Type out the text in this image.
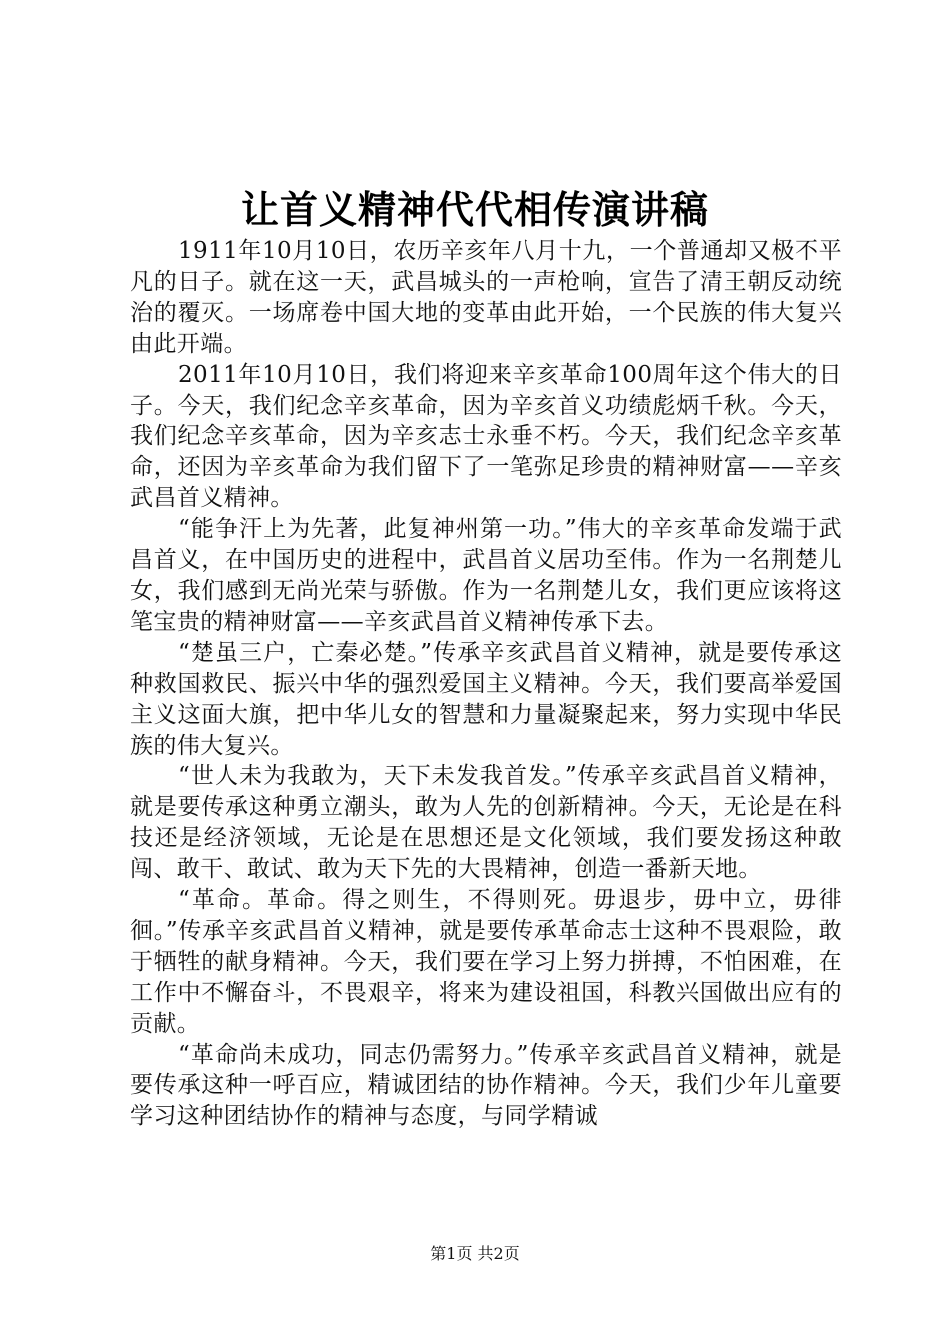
让首义精神代代相传演讲稿

1911年10月10日，农历辛亥年八月十九，一个普通却又极不平凡的日子。就在这一天，武昌城头的一声枪响，宣告了清王朝反动统治的覆灭。一场席卷中国大地的变革由此开始，一个民族的伟大复兴由此开端。

2011年10月10日，我们将迎来辛亥革命100周年这个伟大的日子。今天，我们纪念辛亥革命，因为辛亥首义功绩彪炳千秋。今天，我们纪念辛亥革命，因为辛亥志士永垂不朽。今天，我们纪念辛亥革命，还因为辛亥革命为我们留下了一笔弥足珍贵的精神财富——辛亥武昌首义精神。

“能争汗上为先著，此复神州第一功。”伟大的辛亥革命发端于武昌首义，在中国历史的进程中，武昌首义居功至伟。作为一名荆楚儿女，我们感到无尚光荣与骄傲。作为一名荆楚儿女，我们更应该将这笔宝贵的精神财富——辛亥武昌首义精神传承下去。

“楚虽三户，亡秦必楚。”传承辛亥武昌首义精神，就是要传承这种救国救民、振兴中华的强烈爱国主义精神。今天，我们要高举爱国主义这面大旗，把中华儿女的智慧和力量凝聚起来，努力实现中华民族的伟大复兴。

“世人未为我敢为，天下未发我首发。”传承辛亥武昌首义精神，就是要传承这种勇立潮头，敢为人先的创新精神。今天，无论是在科技还是经济领域，无论是在思想还是文化领域，我们要发扬这种敢闯、敢干、敢试、敢为天下先的大畏精神，创造一番新天地。

“革命。革命。得之则生，不得则死。毋退步，毋中立，毋徘徊。”传承辛亥武昌首义精神，就是要传承革命志士这种不畏艰险，敢于牺牲的献身精神。今天，我们要在学习上努力拼搏，不怕困难，在工作中不懈奋斗，不畏艰辛，将来为建设祖国，科教兴国做出应有的贡献。

“革命尚未成功，同志仍需努力。”传承辛亥武昌首义精神，就是要传承这种一呼百应，精诚团结的协作精神。今天，我们少年儿童要学习这种团结协作的精神与态度，与同学精诚

第1页 共2页
